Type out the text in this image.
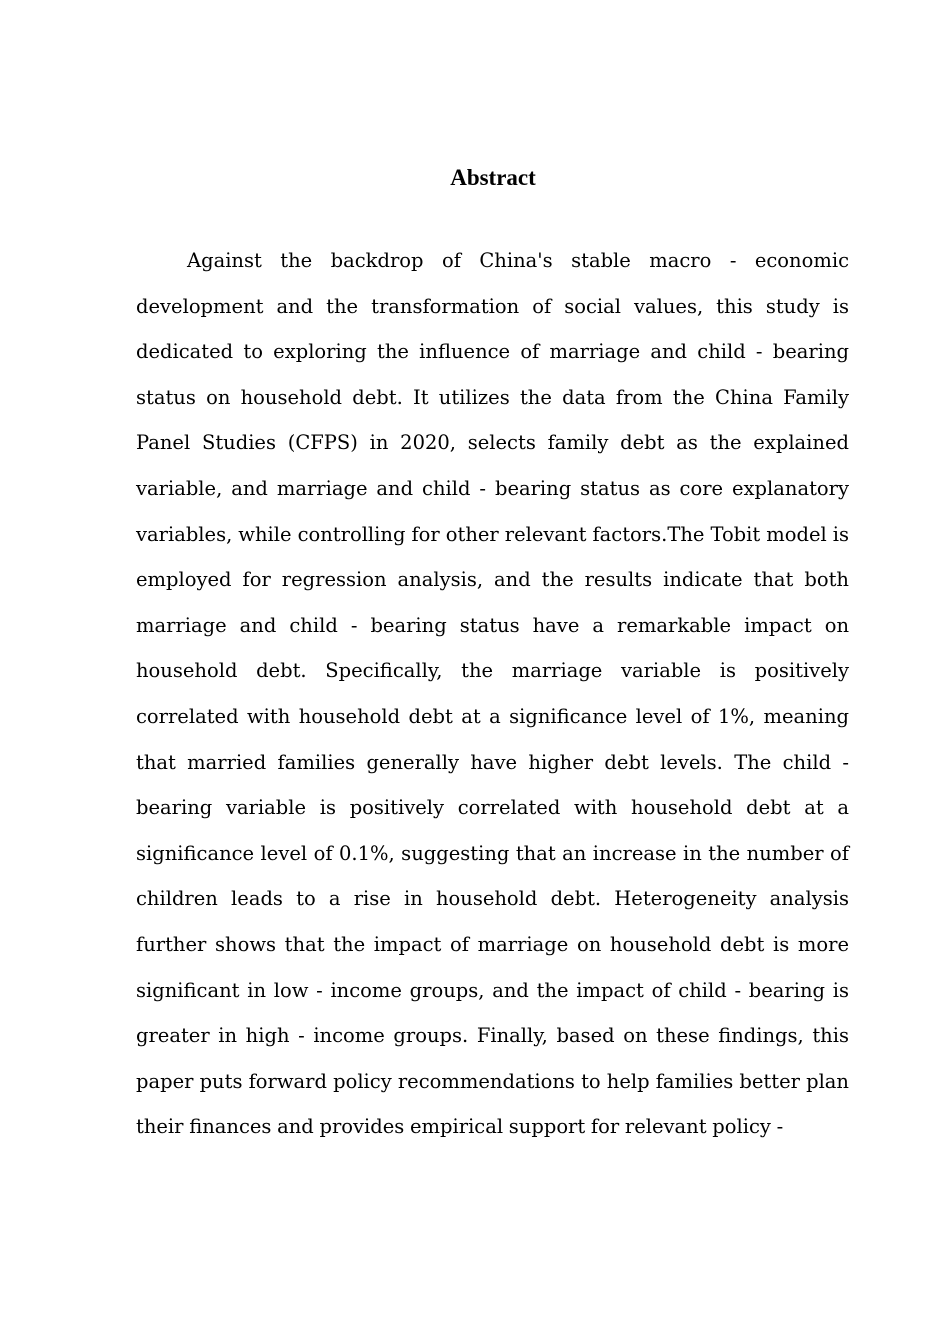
Abstract

Against the backdrop of China's stable macro - economic development and the transformation of social values, this study is dedicated to exploring the influence of marriage and child - bearing status on household debt. It utilizes the data from the China Family Panel Studies (CFPS) in 2020, selects family debt as the explained variable, and marriage and child - bearing status as core explanatory variables, while controlling for other relevant factors.The Tobit model is employed for regression analysis, and the results indicate that both marriage and child - bearing status have a remarkable impact on household debt. Specifically, the marriage variable is positively correlated with household debt at a significance level of 1%, meaning that married families generally have higher debt levels. The child - bearing variable is positively correlated with household debt at a significance level of 0.1%, suggesting that an increase in the number of children leads to a rise in household debt. Heterogeneity analysis further shows that the impact of marriage on household debt is more significant in low - income groups, and the impact of child - bearing is greater in high - income groups. Finally, based on these findings, this paper puts forward policy recommendations to help families better plan their finances and provides empirical support for relevant policy -
